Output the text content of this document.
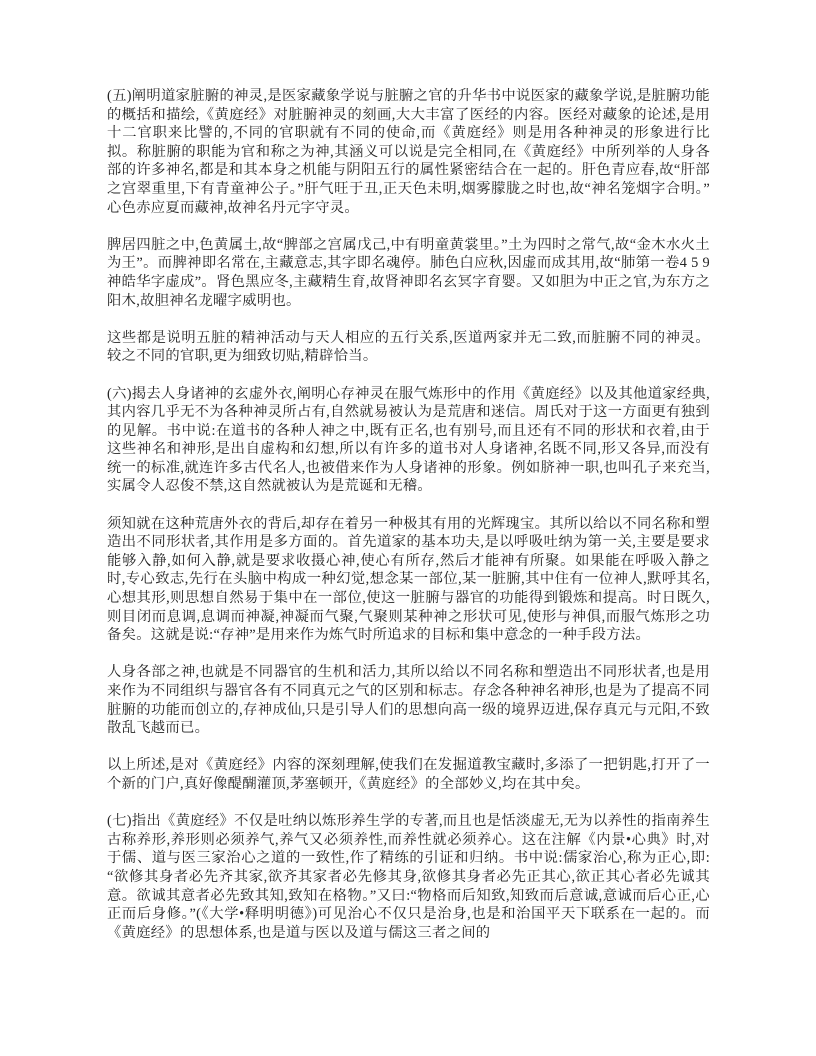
(五)阐明道家脏腑的神灵,是医家藏象学说与脏腑之官的升华书中说医家的藏象学说,是脏腑功能的概括和描绘,《黄庭经》对脏腑神灵的刻画,大大丰富了医经的内容。医经对藏象的论述,是用十二官职来比譬的,不同的官职就有不同的使命,而《黄庭经》则是用各种神灵的形象进行比拟。称脏腑的职能为官和称之为神,其涵义可以说是完全相同,在《黄庭经》中所列举的人身各部的许多神名,都是和其本身之机能与阴阳五行的属性紧密结合在一起的。肝色青应春,故“肝部之宫翠重里,下有青童神公子。”肝气旺于丑,正天色未明,烟雾朦胧之时也,故“神名笼烟字合明。”心色赤应夏而藏神,故神名丹元字守灵。

脾居四脏之中,色黄属土,故“脾部之宫属戊己,中有明童黄裳里。”土为四时之常气,故“金木水火土为王”。而脾神即名常在,主藏意志,其字即名魂停。肺色白应秋,因虚而成其用,故“肺第一卷4 5 9神皓华字虚成”。肾色黑应冬,主藏精生育,故肾神即名玄冥字育婴。又如胆为中正之官,为东方之阳木,故胆神名龙曜字威明也。

这些都是说明五脏的精神活动与天人相应的五行关系,医道两家并无二致,而脏腑不同的神灵。较之不同的官职,更为细致切贴,精辟恰当。

(六)揭去人身诸神的玄虚外衣,阐明心存神灵在服气炼形中的作用《黄庭经》以及其他道家经典,其内容几乎无不为各种神灵所占有,自然就易被认为是荒唐和迷信。周氏对于这一方面更有独到的见解。书中说:在道书的各种人神之中,既有正名,也有别号,而且还有不同的形状和衣着,由于这些神名和神形,是出自虚构和幻想,所以有许多的道书对人身诸神,名既不同,形又各异,而没有统一的标准,就连许多古代名人,也被借来作为人身诸神的形象。例如脐神一职,也叫孔子来充当,实属令人忍俊不禁,这自然就被认为是荒诞和无稽。

须知就在这种荒唐外衣的背后,却存在着另一种极其有用的光辉瑰宝。其所以给以不同名称和塑造出不同形状者,其作用是多方面的。首先道家的基本功夫,是以呼吸吐纳为第一关,主要是要求能够入静,如何入静,就是要求收摄心神,使心有所存,然后才能神有所聚。如果能在呼吸入静之时,专心致志,先行在头脑中构成一种幻觉,想念某一部位,某一脏腑,其中住有一位神人,默呼其名,心想其形,则思想自然易于集中在一部位,使这一脏腑与器官的功能得到锻炼和提高。时日既久,则目闭而息调,息调而神凝,神凝而气聚,气聚则某种神之形状可见,使形与神俱,而服气炼形之功备矣。这就是说:“存神”是用来作为炼气时所追求的目标和集中意念的一种手段方法。

人身各部之神,也就是不同器官的生机和活力,其所以给以不同名称和塑造出不同形状者,也是用来作为不同组织与器官各有不同真元之气的区别和标志。存念各种神名神形,也是为了提高不同脏腑的功能而创立的,存神成仙,只是引导人们的思想向高一级的境界迈进,保存真元与元阳,不致散乱飞越而已。

以上所述,是对《黄庭经》内容的深刻理解,使我们在发掘道教宝藏时,多添了一把钥匙,打开了一个新的门户,真好像醍醐灌顶,茅塞顿开,《黄庭经》的全部妙义,均在其中矣。

(七)指出《黄庭经》不仅是吐纳以炼形养生学的专著,而且也是恬淡虚无,无为以养性的指南养生古称养形,养形则必须养气,养气又必须养性,而养性就必须养心。这在注解《内景•心典》时,对于儒、道与医三家治心之道的一致性,作了精练的引证和归纳。书中说:儒家治心,称为正心,即:“欲修其身者必先齐其家,欲齐其家者必先修其身,欲修其身者必先正其心,欲正其心者必先诚其意。欲诚其意者必先致其知,致知在格物。”又曰:“物格而后知致,知致而后意诚,意诚而后心正,心正而后身修。”(《大学•释明明德》)可见治心不仅只是治身,也是和治国平天下联系在一起的。而《黄庭经》的思想体系,也是道与医以及道与儒这三者之间的
